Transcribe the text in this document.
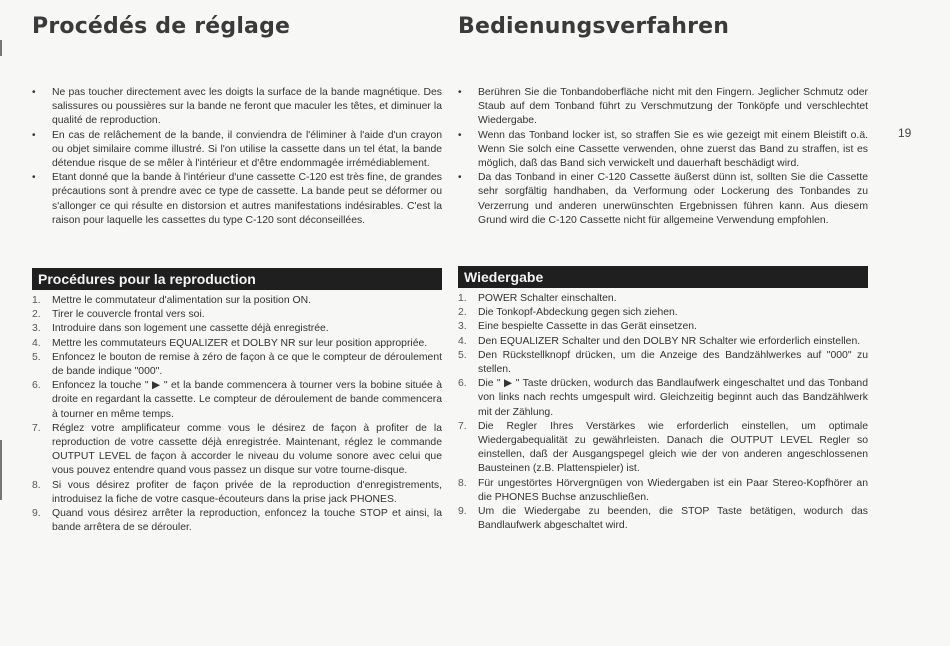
Procédés de réglage
• Ne pas toucher directement avec les doigts la surface de la bande magnétique. Des salissures ou poussières sur la bande ne feront que maculer les têtes, et diminuer la qualité de reproduction.
• En cas de relâchement de la bande, il conviendra de l'éliminer à l'aide d'un crayon ou objet similaire comme illustré. Si l'on utilise la cassette dans un tel état, la bande détendue risque de se mêler à l'intérieur et d'être endommagée irrémédiablement.
• Etant donné que la bande à l'intérieur d'une cassette C-120 est très fine, de grandes précautions sont à prendre avec ce type de cassette. La bande peut se déformer ou s'allonger ce qui résulte en distorsion et autres manifestations indésirables. C'est la raison pour laquelle les cassettes du type C-120 sont déconseillées.
Procédures pour la reproduction
1. Mettre le commutateur d'alimentation sur la position ON.
2. Tirer le couvercle frontal vers soi.
3. Introduire dans son logement une cassette déjà enregistrée.
4. Mettre les commutateurs EQUALIZER et DOLBY NR sur leur position appropriée.
5. Enfoncez le bouton de remise à zéro de façon à ce que le compteur de déroulement de bande indique "000".
6. Enfoncez la touche " ▶ " et la bande commencera à tourner vers la bobine située à droite en regardant la cassette. Le compteur de déroulement de bande commencera à tourner en même temps.
7. Réglez votre amplificateur comme vous le désirez de façon à profiter de la reproduction de votre cassette déjà enregistrée. Maintenant, réglez le commande OUTPUT LEVEL de façon à accorder le niveau du volume sonore avec celui que vous pouvez entendre quand vous passez un disque sur votre tourne-disque.
8. Si vous désirez profiter de façon privée de la reproduction d'enregistrements, introduisez la fiche de votre casque-écouteurs dans la prise jack PHONES.
9. Quand vous désirez arrêter la reproduction, enfoncez la touche STOP et ainsi, la bande arrêtera de se dérouler.
Bedienungsverfahren
• Berühren Sie die Tonbandoberfläche nicht mit den Fingern. Jeglicher Schmutz oder Staub auf dem Tonband führt zu Verschmutzung der Tonköpfe und verschlechtet Wiedergabe.
• Wenn das Tonband locker ist, so straffen Sie es wie gezeigt mit einem Bleistift o.ä. Wenn Sie solch eine Cassette verwenden, ohne zuerst das Band zu straffen, ist es möglich, daß das Band sich verwickelt und dauerhaft beschädigt wird.
• Da das Tonband in einer C-120 Cassette äußerst dünn ist, sollten Sie die Cassette sehr sorgfältig handhaben, da Verformung oder Lockerung des Tonbandes zu Verzerrung und anderen unerwünschten Ergebnissen führen kann. Aus diesem Grund wird die C-120 Cassette nicht für allgemeine Verwendung empfohlen.
Wiedergabe
1. POWER Schalter einschalten.
2. Die Tonkopf-Abdeckung gegen sich ziehen.
3. Eine bespielte Cassette in das Gerät einsetzen.
4. Den EQUALIZER Schalter und den DOLBY NR Schalter wie erforderlich einstellen.
5. Den Rückstellknopf drücken, um die Anzeige des Bandzählwerkes auf "000" zu stellen.
6. Die " ▶ " Taste drücken, wodurch das Bandlaufwerk eingeschaltet und das Tonband von links nach rechts umgespult wird. Gleichzeitig beginnt auch das Bandzählwerk mit der Zählung.
7. Die Regler Ihres Verstärkes wie erforderlich einstellen, um optimale Wiedergabequalität zu gewährleisten. Danach die OUTPUT LEVEL Regler so einstellen, daß der Ausgangspegel gleich wie der von anderen angeschlossenen Bausteinen (z.B. Plattenspieler) ist.
8. Für ungestörtes Hörvergnügen von Wiedergaben ist ein Paar Stereo-Kopfhörer an die PHONES Buchse anzuschließen.
9. Um die Wiedergabe zu beenden, die STOP Taste betätigen, wodurch das Bandlaufwerk abgeschaltet wird.
19
